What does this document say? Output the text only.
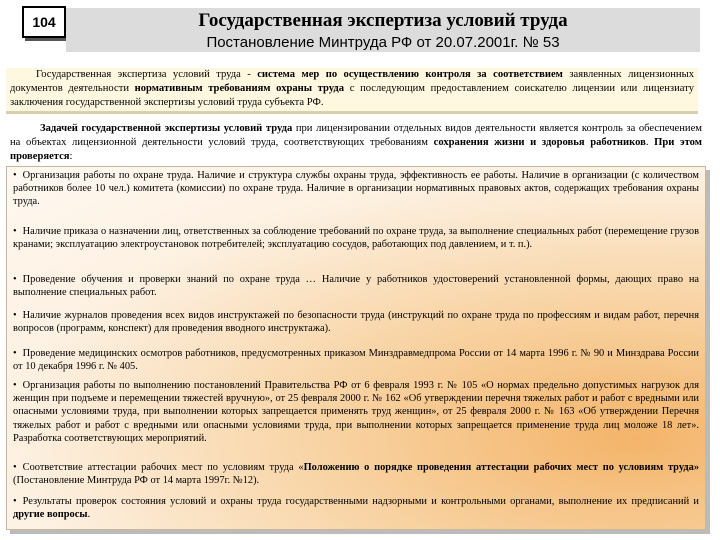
104	Государственная экспертиза условий труда
Постановление Минтруда РФ от 20.07.2001г. № 53

Государственная экспертиза условий труда - система мер по осуществлению контроля за соответствием заявленных лицензионных документов деятельности нормативным требованиям охраны труда с последующим предоставлением соискателю лицензии или лицензиату заключения государственной экспертизы условий труда субъекта РФ.

Задачей государственной экспертизы условий труда при лицензировании отдельных видов деятельности является контроль за обеспечением на объектах лицензионной деятельности условий труда, соответствующих требованиям сохранения жизни и здоровья работников. При этом проверяется:

• Организация работы по охране труда. Наличие и структура службы охраны труда, эффективность ее работы. Наличие в организации (с количеством работников более 10 чел.) комитета (комиссии) по охране труда. Наличие в организации нормативных правовых актов, содержащих требования охраны труда.
• Наличие приказа о назначении лиц, ответственных за соблюдение требований по охране труда, за выполнение специальных работ (перемещение грузов кранами; эксплуатацию электроустановок потребителей; эксплуатацию сосудов, работающих под давлением, и т. п.).
• Проведение обучения и проверки знаний по охране труда … Наличие у работников удостоверений установленной формы, дающих право на выполнение специальных работ.
• Наличие журналов проведения всех видов инструктажей по безопасности труда (инструкций по охране труда по профессиям и видам работ, перечня вопросов (программ, конспект) для проведения вводного инструктажа).
• Проведение медицинских осмотров работников, предусмотренных приказом Минздравмедпрома России от 14 марта 1996 г. № 90 и Минздрава России от 10 декабря 1996 г. № 405.
• Организация работы по выполнению постановлений Правительства РФ от 6 февраля 1993 г. № 105 «О нормах предельно допустимых нагрузок для женщин при подъеме и перемещении тяжестей вручную», от 25 февраля 2000 г. № 162 «Об утверждении перечня тяжелых работ и работ с вредными или опасными условиями труда, при выполнении которых запрещается применять труд женщин», от 25 февраля 2000 г. № 163 «Об утверждении Перечня тяжелых работ и работ с вредными или опасными условиями труда, при выполнении которых запрещается применение труда лиц моложе 18 лет». Разработка соответствующих мероприятий.
• Соответствие аттестации рабочих мест по условиям труда «Положению о порядке проведения аттестации рабочих мест по условиям труда» (Постановление Минтруда РФ от 14 марта 1997г. №12).
• Результаты проверок состояния условий и охраны труда государственными надзорными и контрольными органами, выполнение их предписаний и другие вопросы.
